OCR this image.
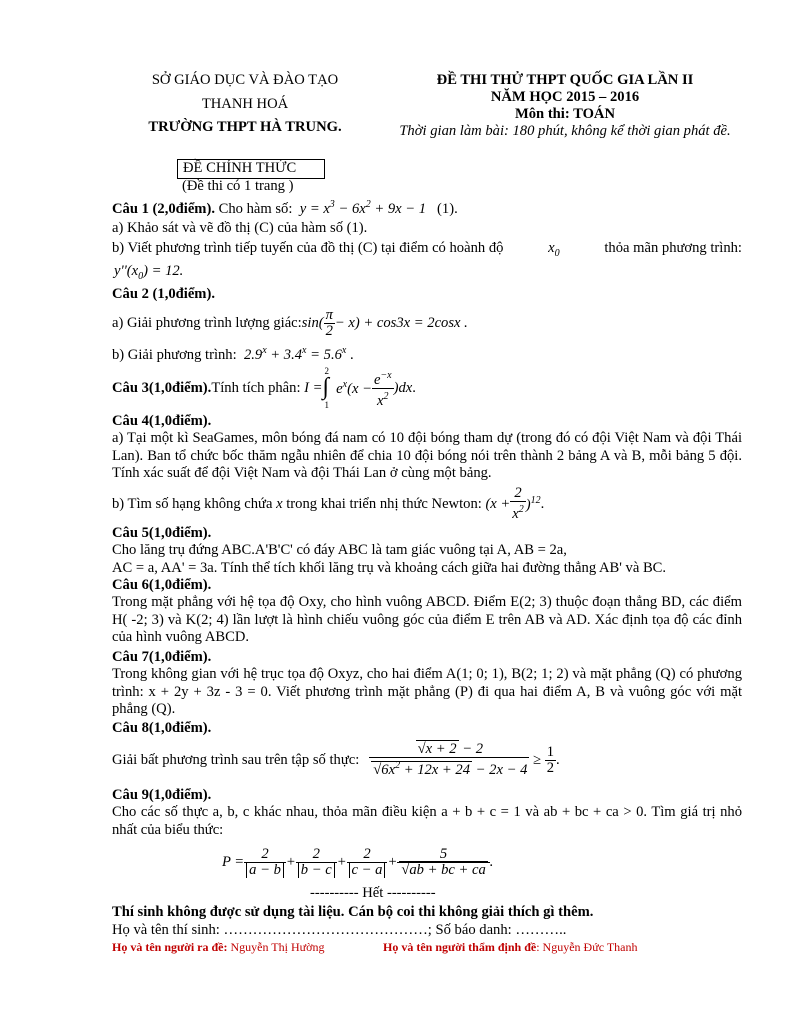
SỞ GIÁO DỤC VÀ ĐÀO TẠO
THANH HOÁ
TRƯỜNG THPT HÀ TRUNG.
ĐỀ THI THỬ THPT QUỐC GIA LẦN II
NĂM HỌC 2015 – 2016
Môn thi: TOÁN
Thời gian làm bài: 180 phút, không kể thời gian phát đề.
ĐỀ CHÍNH THỨC
(Đề thi có 1 trang )
Câu 1 (2,0điểm). Cho hàm số:  $y = x^3 - 6x^2 + 9x - 1$ (1).
a) Khảo sát và vẽ đồ thị (C) của hàm số (1).
b) Viết phương trình tiếp tuyến của đồ thị (C) tại điểm có hoành độ	$x_0$	thỏa mãn phương trình:
$y''(x_0) = 12$.
Câu 2 (1,0điểm).
a) Giải phương trình lượng giác: $\sin( \frac{\pi}{2} - x) + \cos 3x = 2\cos x$ .
b) Giải phương trình:  $2.9^x + 3.4^x = 5.6^x$ .
Câu 3(1,0điểm). Tính tích phân: I =
2
∫
1
$e^x(x - \frac{e^{-x}}{x^2} )dx$ .
Câu 4(1,0điểm).
a) Tại một kì SeaGames, môn bóng đá nam có 10 đội bóng tham dự (trong đó có đội Việt Nam và đội Thái Lan). Ban tổ chức bốc thăm ngẫu nhiên để chia 10 đội bóng nói trên thành 2 bảng A và B, mỗi bảng 5 đội. Tính xác suất để đội Việt Nam và đội Thái Lan ở cùng một bảng.
b) Tìm số hạng không chứa x trong khai triển nhị thức Newton: $(x + \frac{2}{x^2} )^{12}$ .
Câu 5(1,0điểm).
Cho lăng trụ đứng ABC.A'B'C' có đáy ABC là tam giác vuông tại A, AB = 2a,
AC = a, AA' = 3a. Tính thể tích khối lăng trụ và khoảng cách giữa hai đường thẳng AB' và BC.
Câu 6(1,0điểm).
Trong mặt phẳng với hệ tọa độ Oxy, cho hình vuông ABCD. Điểm E(2; 3) thuộc đoạn thẳng BD, các điểm H( -2; 3) và K(2; 4) lần lượt là hình chiếu vuông góc của điểm E trên AB và AD. Xác định tọa độ các đỉnh của hình vuông ABCD.
Câu 7(1,0điểm).
Trong không gian với hệ trục tọa độ Oxyz, cho hai điểm A(1; 0; 1), B(2; 1; 2) và mặt phẳng (Q) có phương trình: x + 2y + 3z - 3 = 0. Viết phương trình mặt phẳng (P) đi qua hai điểm A, B và vuông góc với mặt phẳng (Q).
Câu 8(1,0điểm).
Giải bất phương trình sau trên tập số thực: $\frac{√x + 2 - 2}{√6x^2 + 12x + 24 - 2x - 4} \ge \frac{1}{2}$ .
Câu 9(1,0điểm).
Cho các số thực a, b, c khác nhau, thỏa mãn điều kiện a + b + c = 1 và ab + bc + ca > 0. Tìm giá trị nhỏ nhất của biểu thức:
$P = \frac{2}{a - b} + \frac{2}{b - c} + \frac{2}{c - a} + \frac{5}{√ab + bc + ca}$ .
---------- Hết ----------
Thí sinh không được sử dụng tài liệu. Cán bộ coi thi không giải thích gì thêm.
Họ và tên thí sinh: ……………………………………; Số báo danh: ………..
Họ và tên người ra đề: Nguyễn Thị Hường	Họ và tên người thẩm định đề: Nguyễn Đức Thanh
